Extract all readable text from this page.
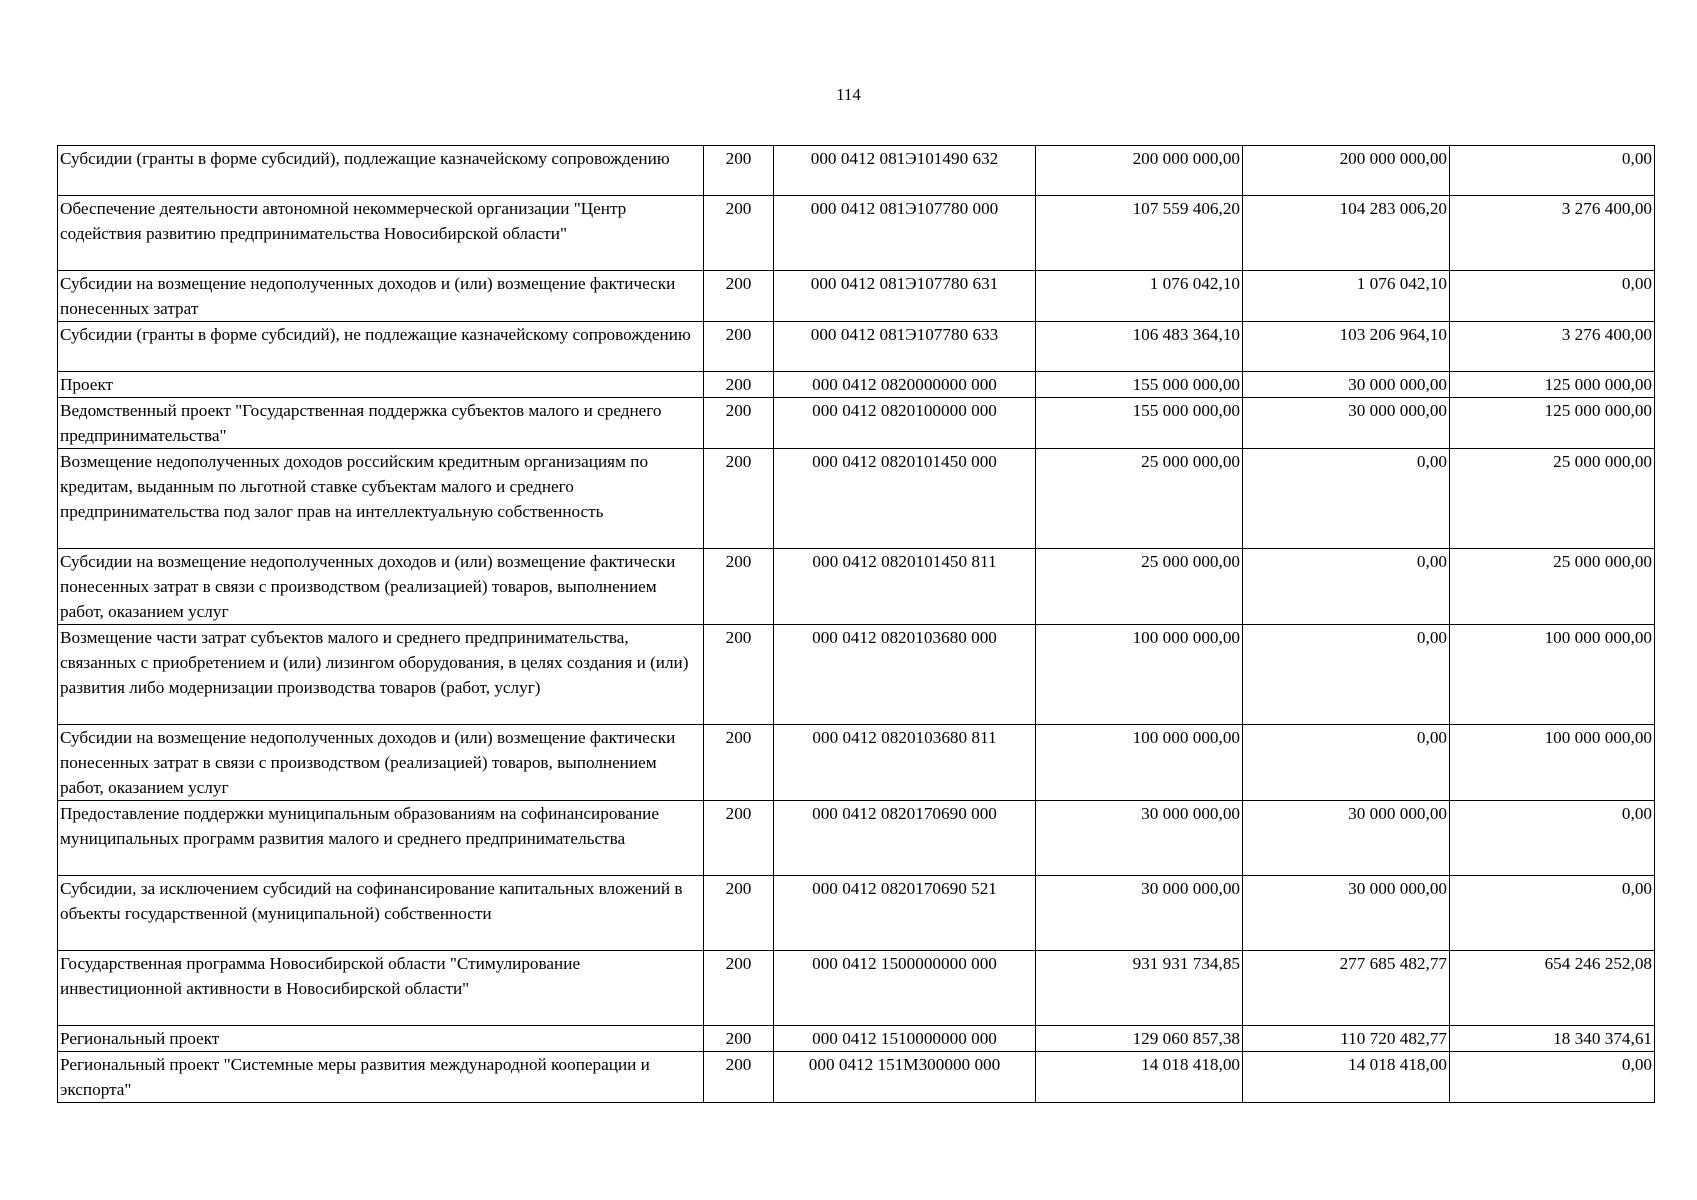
114
Субсидии (гранты в форме субсидий), подлежащие казначейскому сопровождению	200	000 0412 081Э101490 632	200 000 000,00	200 000 000,00	0,00
Обеспечение деятельности автономной некоммерческой организации "Центр содействия развитию предпринимательства Новосибирской области"	200	000 0412 081Э107780 000	107 559 406,20	104 283 006,20	3 276 400,00
Субсидии на возмещение недополученных доходов и (или) возмещение фактически понесенных затрат	200	000 0412 081Э107780 631	1 076 042,10	1 076 042,10	0,00
Субсидии (гранты в форме субсидий), не подлежащие казначейскому сопровождению	200	000 0412 081Э107780 633	106 483 364,10	103 206 964,10	3 276 400,00
Проект	200	000 0412 0820000000 000	155 000 000,00	30 000 000,00	125 000 000,00
Ведомственный проект "Государственная поддержка субъектов малого и среднего предпринимательства"	200	000 0412 0820100000 000	155 000 000,00	30 000 000,00	125 000 000,00
Возмещение недополученных доходов российским кредитным организациям по кредитам, выданным по льготной ставке субъектам малого и среднего предпринимательства под залог прав на интеллектуальную собственность	200	000 0412 0820101450 000	25 000 000,00	0,00	25 000 000,00
Субсидии на возмещение недополученных доходов и (или) возмещение фактически понесенных затрат в связи с производством (реализацией) товаров, выполнением работ, оказанием услуг	200	000 0412 0820101450 811	25 000 000,00	0,00	25 000 000,00
Возмещение части затрат субъектов малого и среднего предпринимательства, связанных с приобретением и (или) лизингом оборудования, в целях создания и (или) развития либо модернизации производства товаров (работ, услуг)	200	000 0412 0820103680 000	100 000 000,00	0,00	100 000 000,00
Субсидии на возмещение недополученных доходов и (или) возмещение фактически понесенных затрат в связи с производством (реализацией) товаров, выполнением работ, оказанием услуг	200	000 0412 0820103680 811	100 000 000,00	0,00	100 000 000,00
Предоставление поддержки муниципальным образованиям на софинансирование муниципальных программ развития малого и среднего предпринимательства	200	000 0412 0820170690 000	30 000 000,00	30 000 000,00	0,00
Субсидии, за исключением субсидий на софинансирование капитальных вложений в объекты государственной (муниципальной) собственности	200	000 0412 0820170690 521	30 000 000,00	30 000 000,00	0,00
Государственная программа Новосибирской области "Стимулирование инвестиционной активности в Новосибирской области"	200	000 0412 1500000000 000	931 931 734,85	277 685 482,77	654 246 252,08
Региональный проект	200	000 0412 1510000000 000	129 060 857,38	110 720 482,77	18 340 374,61
Региональный проект "Системные меры развития международной кооперации и экспорта"	200	000 0412 151М300000 000	14 018 418,00	14 018 418,00	0,00
